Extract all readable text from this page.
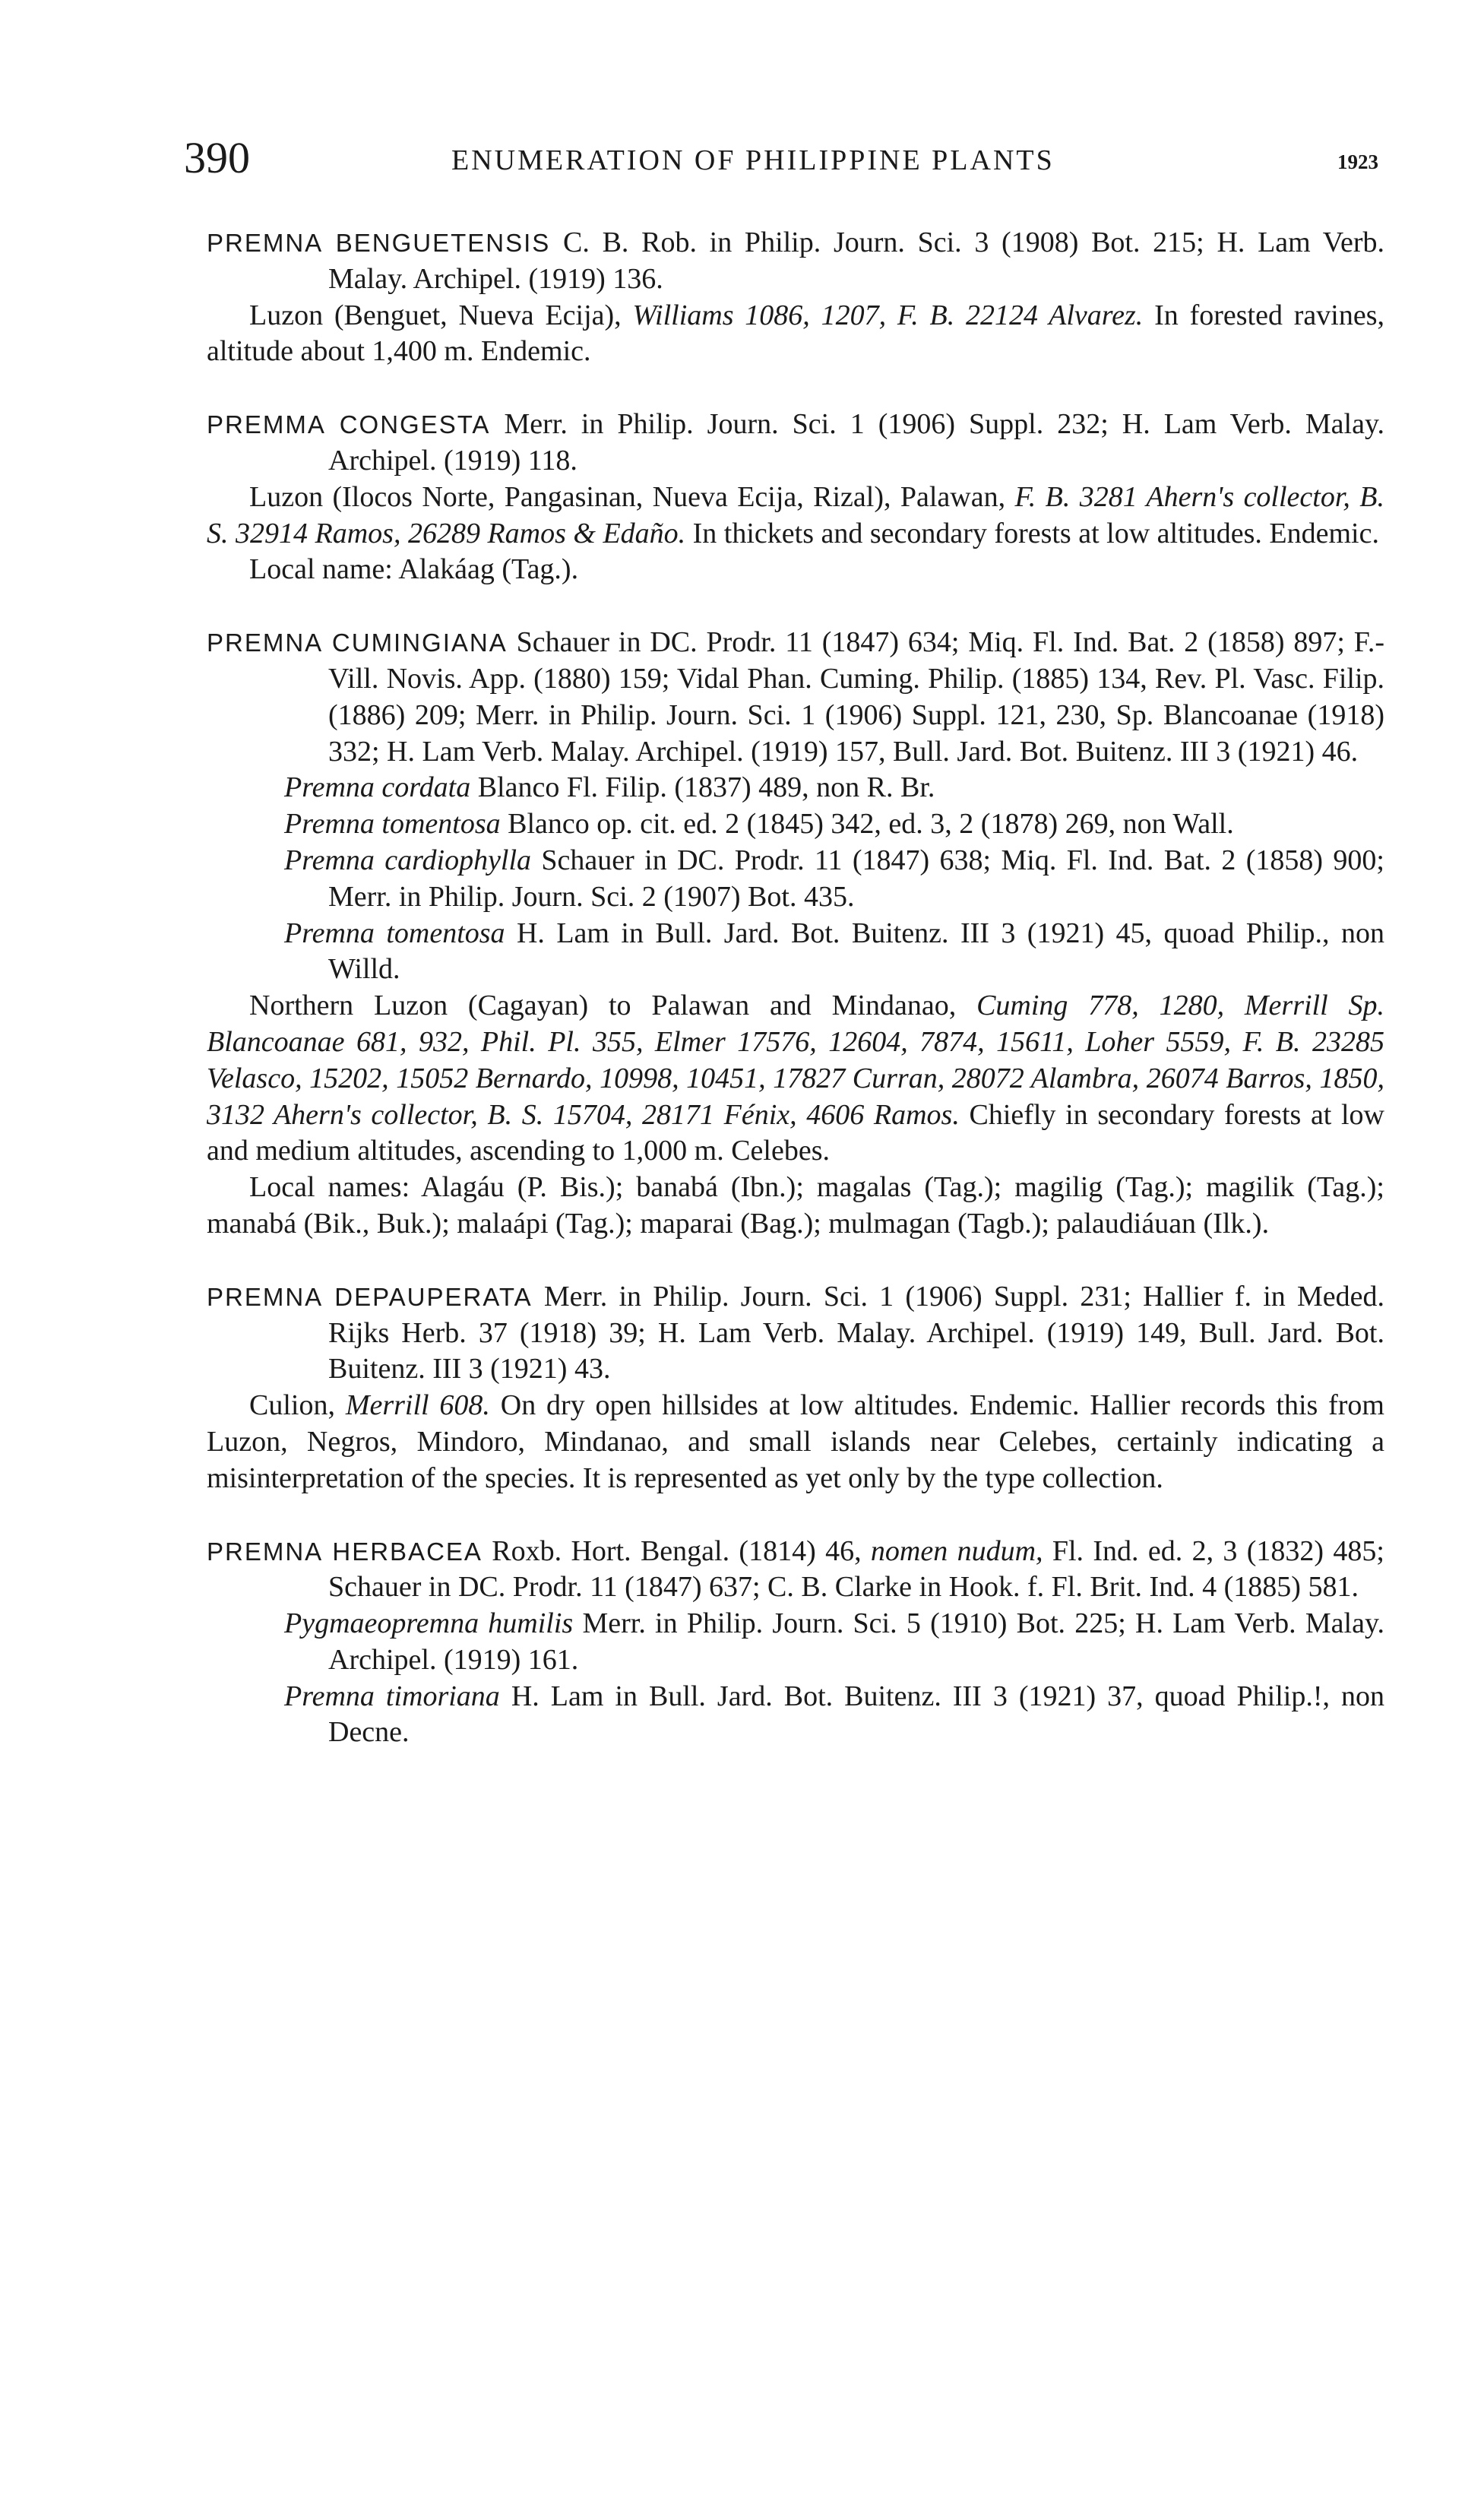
390	ENUMERATION OF PHILIPPINE PLANTS	1923

PREMNA BENGUETENSIS C. B. Rob. in Philip. Journ. Sci. 3 (1908) Bot. 215; H. Lam Verb. Malay. Archipel. (1919) 136.

Luzon (Benguet, Nueva Ecija), Williams 1086, 1207, F. B. 22124 Alvarez. In forested ravines, altitude about 1,400 m. Endemic.

PREMMA CONGESTA Merr. in Philip. Journ. Sci. 1 (1906) Suppl. 232; H. Lam Verb. Malay. Archipel. (1919) 118.

Luzon (Ilocos Norte, Pangasinan, Nueva Ecija, Rizal), Palawan, F. B. 3281 Ahern's collector, B. S. 32914 Ramos, 26289 Ramos & Edaño. In thickets and secondary forests at low altitudes. Endemic.

Local name: Alakáag (Tag.).

PREMNA CUMINGIANA Schauer in DC. Prodr. 11 (1847) 634; Miq. Fl. Ind. Bat. 2 (1858) 897; F.-Vill. Novis. App. (1880) 159; Vidal Phan. Cuming. Philip. (1885) 134, Rev. Pl. Vasc. Filip. (1886) 209; Merr. in Philip. Journ. Sci. 1 (1906) Suppl. 121, 230, Sp. Blancoanae (1918) 332; H. Lam Verb. Malay. Archipel. (1919) 157, Bull. Jard. Bot. Buitenz. III 3 (1921) 46.

Premna cordata Blanco Fl. Filip. (1837) 489, non R. Br.

Premna tomentosa Blanco op. cit. ed. 2 (1845) 342, ed. 3, 2 (1878) 269, non Wall.

Premna cardiophylla Schauer in DC. Prodr. 11 (1847) 638; Miq. Fl. Ind. Bat. 2 (1858) 900; Merr. in Philip. Journ. Sci. 2 (1907) Bot. 435.

Premna tomentosa H. Lam in Bull. Jard. Bot. Buitenz. III 3 (1921) 45, quoad Philip., non Willd.

Northern Luzon (Cagayan) to Palawan and Mindanao, Cuming 778, 1280, Merrill Sp. Blancoanae 681, 932, Phil. Pl. 355, Elmer 17576, 12604, 7874, 15611, Loher 5559, F. B. 23285 Velasco, 15202, 15052 Bernardo, 10998, 10451, 17827 Curran, 28072 Alambra, 26074 Barros, 1850, 3132 Ahern's collector, B. S. 15704, 28171 Fénix, 4606 Ramos. Chiefly in secondary forests at low and medium altitudes, ascending to 1,000 m. Celebes.

Local names: Alagáu (P. Bis.); banabá (Ibn.); magalas (Tag.); magilig (Tag.); magilik (Tag.); manabá (Bik., Buk.); malaápi (Tag.); maparai (Bag.); mulmagan (Tagb.); palaudiáuan (Ilk.).

PREMNA DEPAUPERATA Merr. in Philip. Journ. Sci. 1 (1906) Suppl. 231; Hallier f. in Meded. Rijks Herb. 37 (1918) 39; H. Lam Verb. Malay. Archipel. (1919) 149, Bull. Jard. Bot. Buitenz. III 3 (1921) 43.

Culion, Merrill 608. On dry open hillsides at low altitudes. Endemic. Hallier records this from Luzon, Negros, Mindoro, Mindanao, and small islands near Celebes, certainly indicating a misinterpretation of the species. It is represented as yet only by the type collection.

PREMNA HERBACEA Roxb. Hort. Bengal. (1814) 46, nomen nudum, Fl. Ind. ed. 2, 3 (1832) 485; Schauer in DC. Prodr. 11 (1847) 637; C. B. Clarke in Hook. f. Fl. Brit. Ind. 4 (1885) 581.

Pygmaeopremna humilis Merr. in Philip. Journ. Sci. 5 (1910) Bot. 225; H. Lam Verb. Malay. Archipel. (1919) 161.

Premna timoriana H. Lam in Bull. Jard. Bot. Buitenz. III 3 (1921) 37, quoad Philip.!, non Decne.
